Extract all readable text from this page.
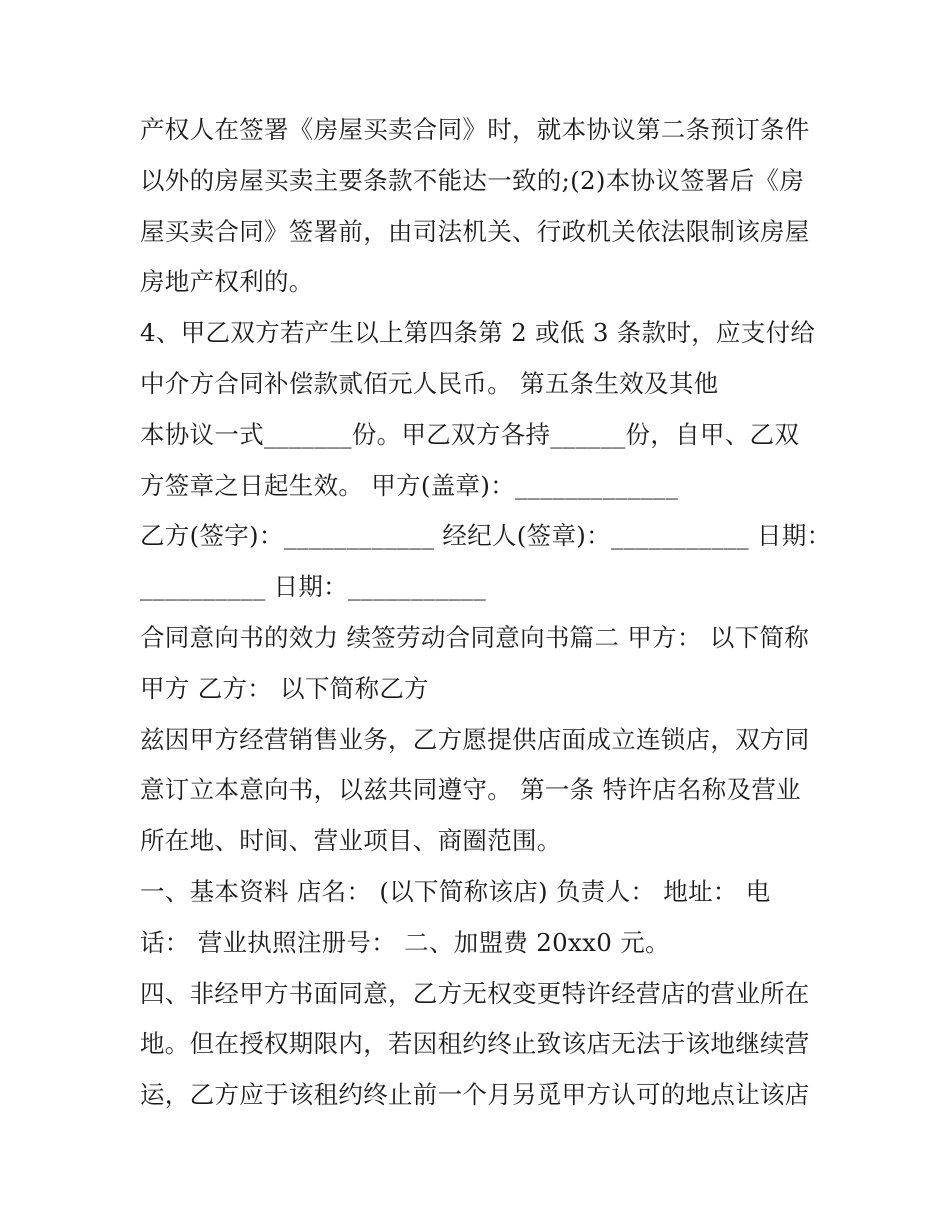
产权人在签署《房屋买卖合同》时，就本协议第二条预订条件
以外的房屋买卖主要条款不能达一致的;(2)本协议签署后《房
屋买卖合同》签署前，由司法机关、行政机关依法限制该房屋
房地产权利的。
4、甲乙双方若产生以上第四条第 2 或低 3 条款时，应支付给
中介方合同补偿款贰佰元人民币。 第五条生效及其他
本协议一式_______份。甲乙双方各持______份，自甲、乙双
方签章之日起生效。 甲方(盖章)：_____________
乙方(签字)：____________ 经纪人(签章)：___________ 日期：
__________ 日期：___________
合同意向书的效力 续签劳动合同意向书篇二 甲方： 以下简称
甲方 乙方： 以下简称乙方
兹因甲方经营销售业务，乙方愿提供店面成立连锁店，双方同
意订立本意向书，以兹共同遵守。 第一条 特许店名称及营业
所在地、时间、营业项目、商圈范围。
一、基本资料 店名： (以下简称该店) 负责人： 地址： 电
话： 营业执照注册号： 二、加盟费 20xx0 元。
四、非经甲方书面同意，乙方无权变更特许经营店的营业所在
地。但在授权期限内，若因租约终止致该店无法于该地继续营
运，乙方应于该租约终止前一个月另觅甲方认可的地点让该店
